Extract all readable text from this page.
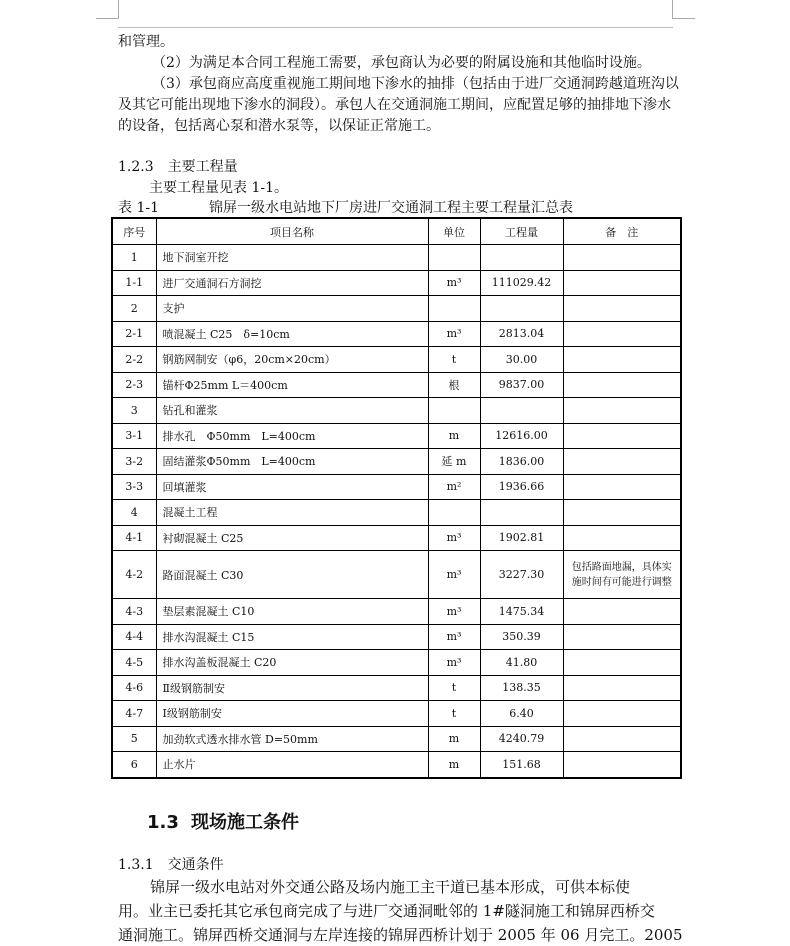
和管理。
（2）为满足本合同工程施工需要，承包商认为必要的附属设施和其他临时设施。
（3）承包商应高度重视施工期间地下渗水的抽排（包括由于进厂交通洞跨越道班沟以
及其它可能出现地下渗水的洞段）。承包人在交通洞施工期间，应配置足够的抽排地下渗水
的设备，包括离心泵和潜水泵等，以保证正常施工。
1.2.3 主要工程量
主要工程量见表 1-1。
表 1-1	锦屏一级水电站地下厂房进厂交通洞工程主要工程量汇总表
序号	项目名称	单位	工程量	备　注
1	地下洞室开挖			
1-1	进厂交通洞石方洞挖	m³	111029.42	
2	支护			
2-1	喷混凝土 C25　δ=10cm	m³	2813.04	
2-2	钢筋网制安（φ6，20cm×20cm）	t	30.00	
2-3	锚杆Φ25mm L＝400cm	根	9837.00	
3	钻孔和灌浆			
3-1	排水孔　Φ50mm　L=400cm	m	12616.00	
3-2	固结灌浆Φ50mm　L=400cm	延 m	1836.00	
3-3	回填灌浆	m²	1936.66	
4	混凝土工程			
4-1	衬砌混凝土 C25	m³	1902.81	
4-2	路面混凝土 C30	m³	3227.30	包括路面地漏，具体实施时间有可能进行调整
4-3	垫层素混凝土 C10	m³	1475.34	
4-4	排水沟混凝土 C15	m³	350.39	
4-5	排水沟盖板混凝土 C20	m³	41.80	
4-6	Ⅱ级钢筋制安	t	138.35	
4-7	Ⅰ级钢筋制安	t	6.40	
5	加劲软式透水排水管 D=50mm	m	4240.79	
6	止水片	m	151.68	
1.3 现场施工条件
1.3.1 交通条件
锦屏一级水电站对外交通公路及场内施工主干道已基本形成，可供本标使
用。业主已委托其它承包商完成了与进厂交通洞毗邻的 1#隧洞施工和锦屏西桥交
通洞施工。锦屏西桥交通洞与左岸连接的锦屏西桥计划于 2005 年 06 月完工。2005
